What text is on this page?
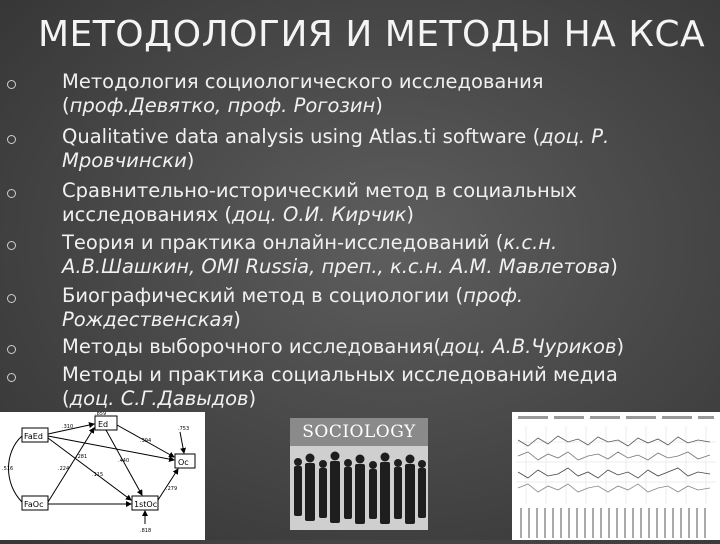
МЕТОДОЛОГИЯ И МЕТОДЫ НА КСА
Методология социологического исследования
(проф.Девятко, проф. Рогозин)
Qualitative data analysis using Atlas.ti software (доц. Р.
Мровчински)
Сравнительно-исторический метод в социальных
исследованиях (доц. О.И. Кирчик)
Теория и практика онлайн-исследований (к.с.н.
А.В.Шашкин, OMI Russia, преп., к.с.н. А.М. Мавлетова)
Биографический метод в социологии (проф.
Рождественская)
Методы выборочного исследования(доц. А.В.Чуриков)
Методы и практика социальных исследований медиа
(доц. С.Г.Давыдов)
FaEd
Ed
Oc
FaOc	1stOc
.859
.310
.394
.115
.281
.440
.224
.279
.818
.516
.753	SOCIOLOGY
